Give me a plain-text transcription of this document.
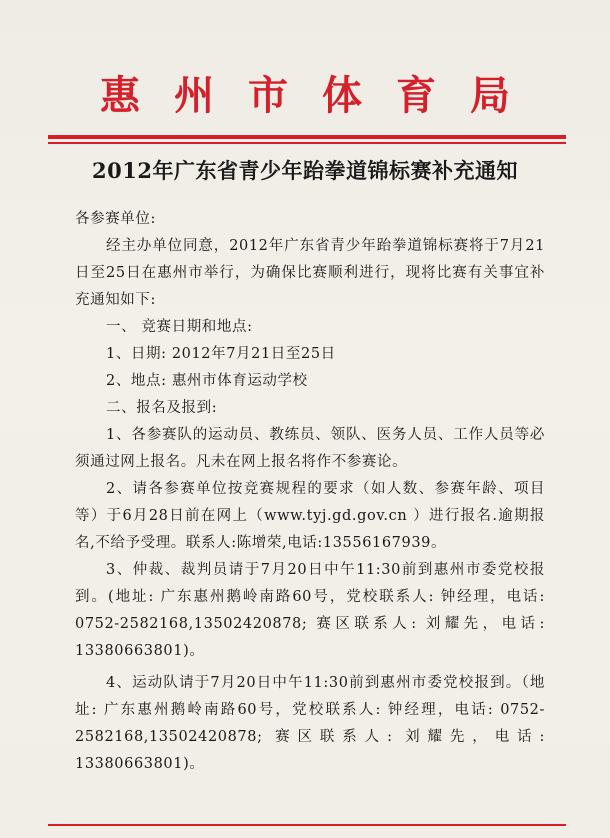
惠州市体育局
2012年广东省青少年跆拳道锦标赛补充通知

各参赛单位:

经主办单位同意，2012年广东省青少年跆拳道锦标赛将于7月21日至25日在惠州市举行，为确保比赛顺利进行，现将比赛有关事宜补充通知如下:

一、 竞赛日期和地点:

1、日期: 2012年7月21日至25日

2、地点: 惠州市体育运动学校

二、报名及报到:

1、各参赛队的运动员、教练员、领队、医务人员、工作人员等必须通过网上报名。凡未在网上报名将作不参赛论。

2、请各参赛单位按竞赛规程的要求（如人数、参赛年龄、项目等）于6月28日前在网上（www.tyj.gd.gov.cn ）进行报名.逾期报名,不给予受理。联系人:陈增荣,电话:13556167939。

3、仲裁、裁判员请于7月20日中午11:30前到惠州市委党校报到。(地址: 广东惠州鹅岭南路60号，党校联系人: 钟经理，电话: 0752-2582168,13502420878; 赛区联系人: 刘耀先，电话: 13380663801)。

4、运动队请于7月20日中午11:30前到惠州市委党校报到。（地址: 广东惠州鹅岭南路60号，党校联系人: 钟经理，电话: 0752-2582168,13502420878; 赛区联系人: 刘耀先，电话: 13380663801)。
